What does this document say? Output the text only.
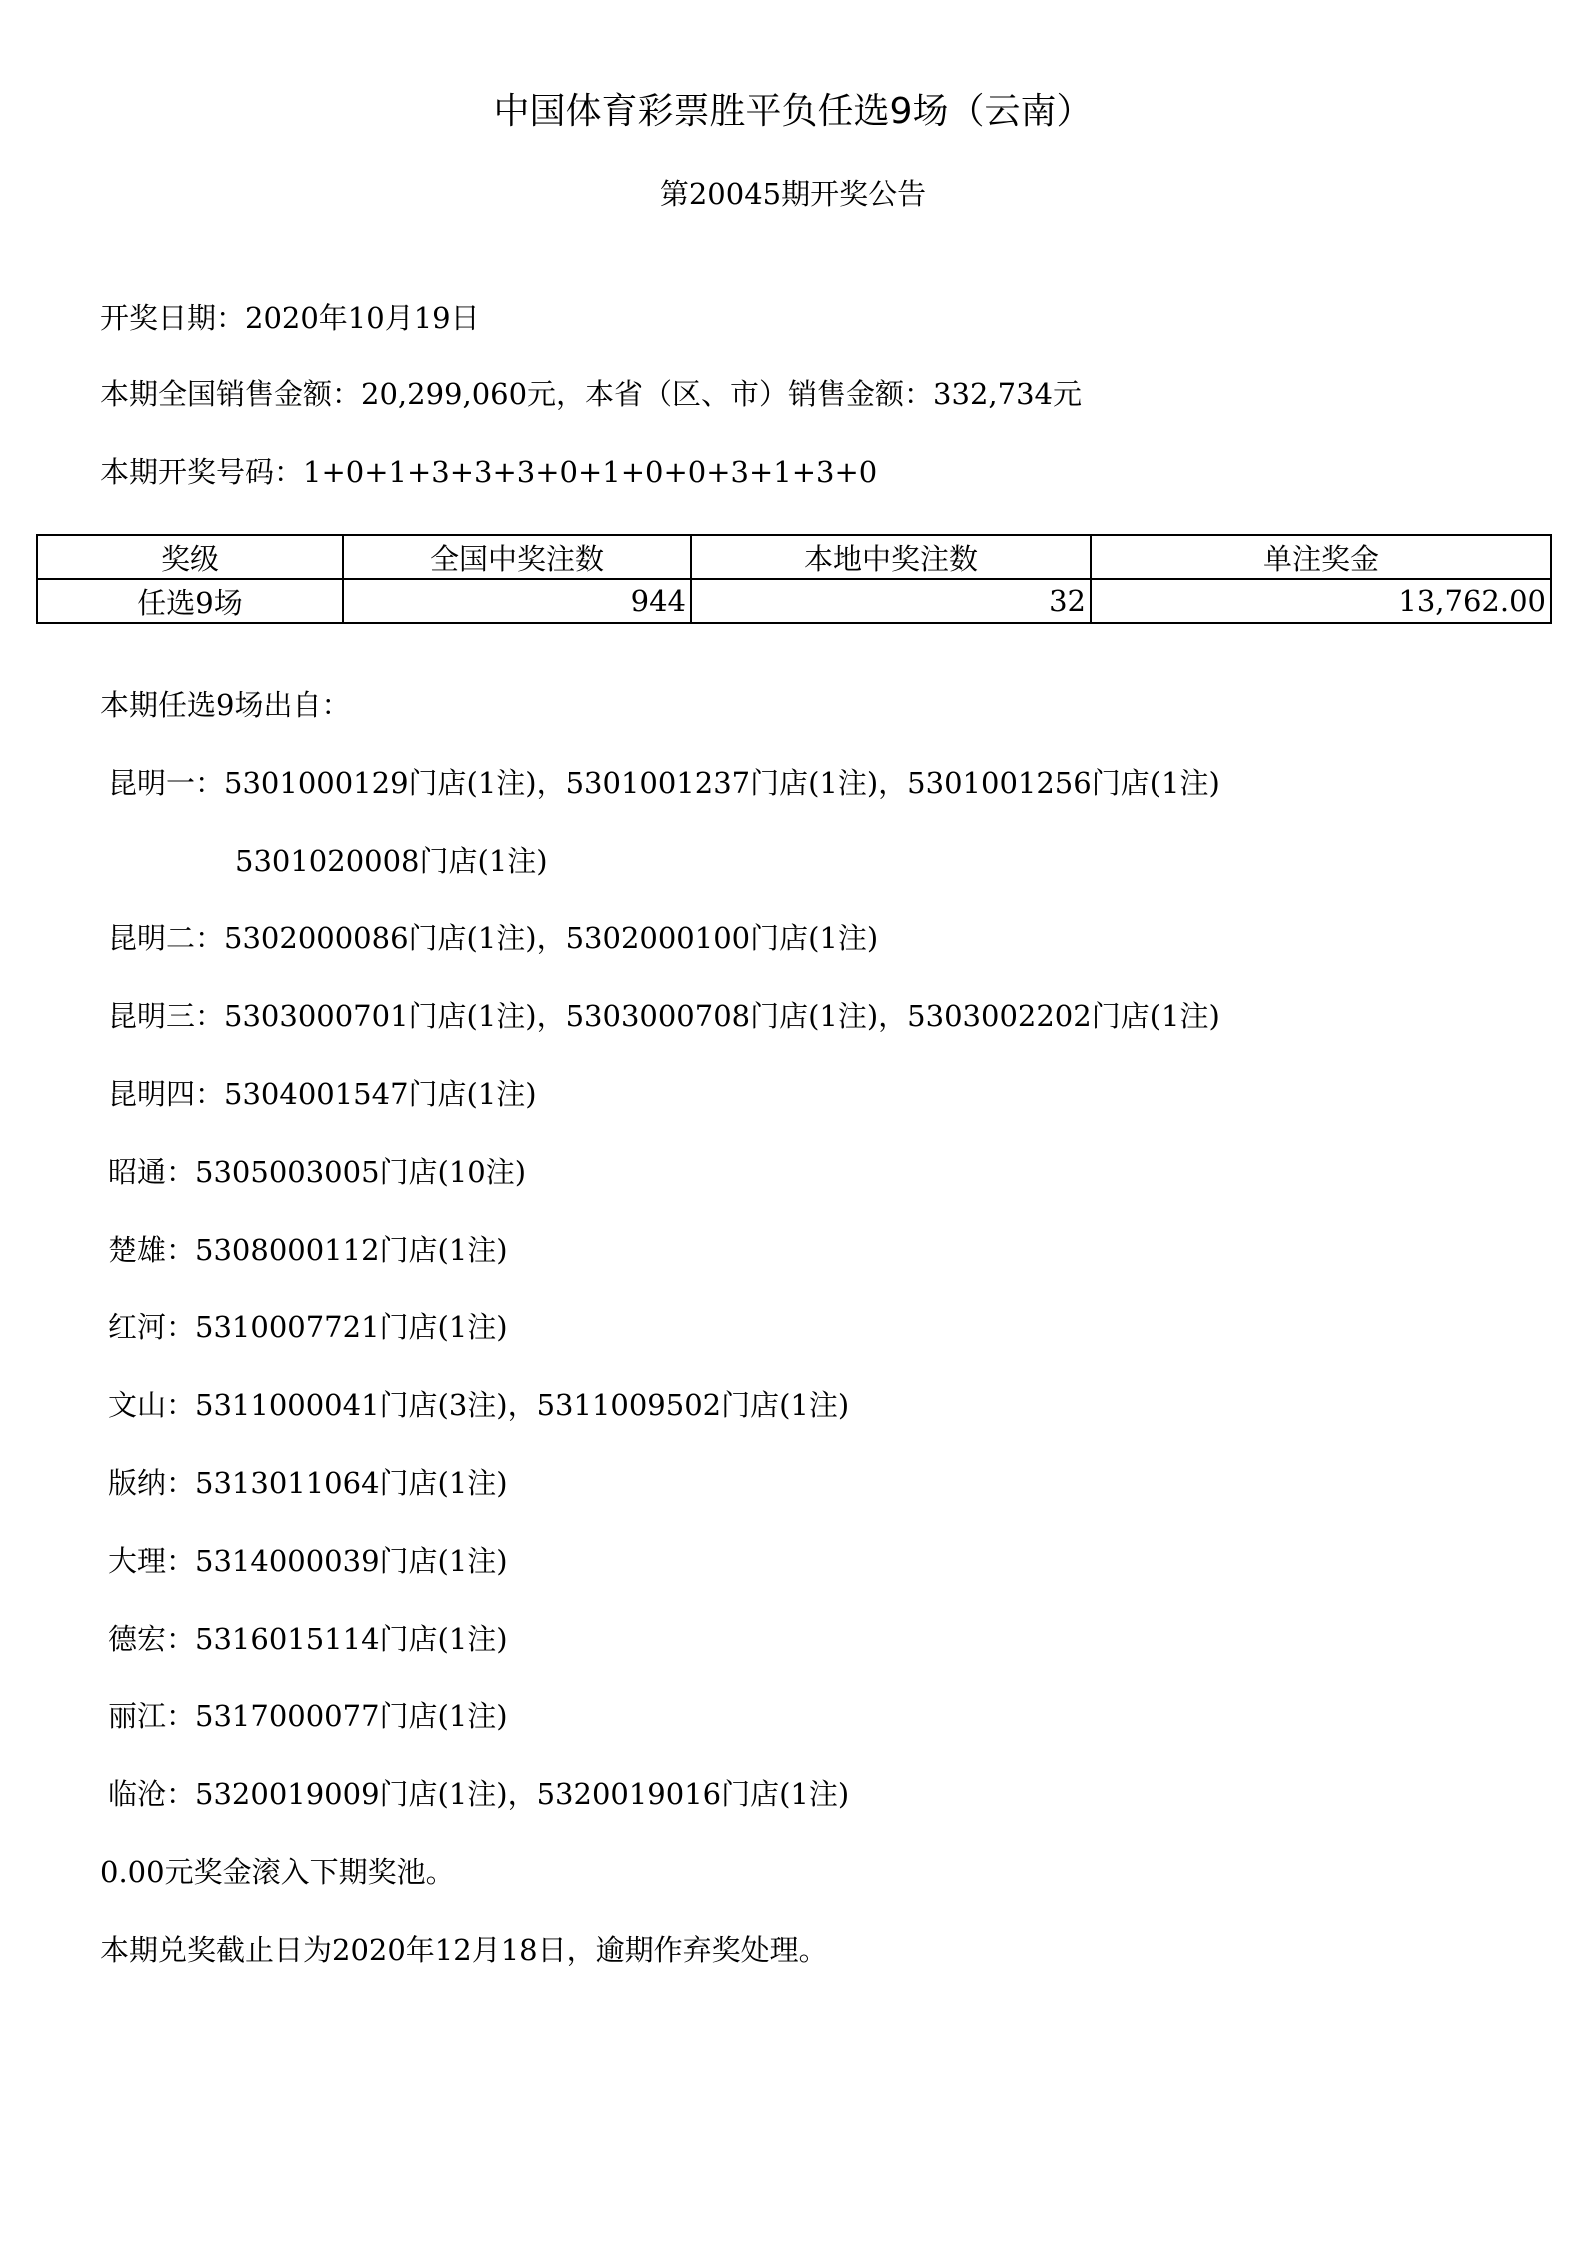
中国体育彩票胜平负任选9场（云南）
第20045期开奖公告
开奖日期：2020年10月19日
本期全国销售金额：20,299,060元，本省（区、市）销售金额：332,734元
本期开奖号码：1+0+1+3+3+3+0+1+0+0+3+1+3+0
奖级	全国中奖注数	本地中奖注数	单注奖金
任选9场	944	32	13,762.00
本期任选9场出自：
昆明一：5301000129门店(1注)，5301001237门店(1注)，5301001256门店(1注)
5301020008门店(1注)
昆明二：5302000086门店(1注)，5302000100门店(1注)
昆明三：5303000701门店(1注)，5303000708门店(1注)，5303002202门店(1注)
昆明四：5304001547门店(1注)
昭通：5305003005门店(10注)
楚雄：5308000112门店(1注)
红河：5310007721门店(1注)
文山：5311000041门店(3注)，5311009502门店(1注)
版纳：5313011064门店(1注)
大理：5314000039门店(1注)
德宏：5316015114门店(1注)
丽江：5317000077门店(1注)
临沧：5320019009门店(1注)，5320019016门店(1注)
0.00元奖金滚入下期奖池。
本期兑奖截止日为2020年12月18日，逾期作弃奖处理。
